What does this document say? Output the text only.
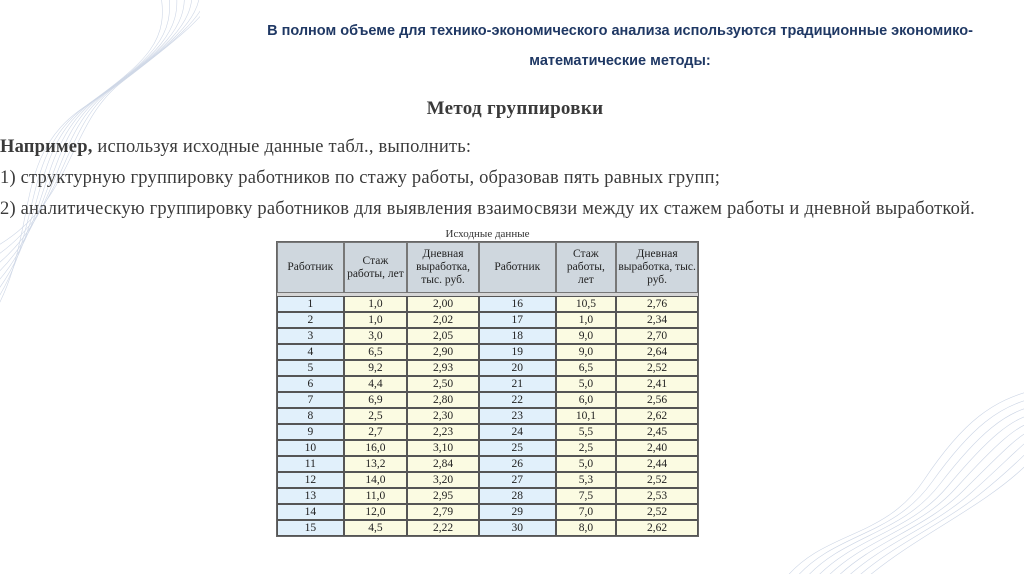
В полном объеме для технико-экономического анализа используются традиционные экономико-
математические методы:
Метод группировки

Например, используя исходные данные табл., выполнить:

1) структурную группировку работников по стажу работы, образовав пять равных групп;

2) аналитическую группировку работников для выявления взаимосвязи между их стажем работы и дневной выработкой.

Исходные данные
Работник	Стаж работы, лет	Дневная выработка, тыс. руб.	Работник	Стаж работы, лет	Дневная выработка, тыс. руб.

1	1,0	2,00	16	10,5	2,76
2	1,0	2,02	17	1,0	2,34
3	3,0	2,05	18	9,0	2,70
4	6,5	2,90	19	9,0	2,64
5	9,2	2,93	20	6,5	2,52
6	4,4	2,50	21	5,0	2,41
7	6,9	2,80	22	6,0	2,56
8	2,5	2,30	23	10,1	2,62
9	2,7	2,23	24	5,5	2,45
10	16,0	3,10	25	2,5	2,40
11	13,2	2,84	26	5,0	2,44
12	14,0	3,20	27	5,3	2,52
13	11,0	2,95	28	7,5	2,53
14	12,0	2,79	29	7,0	2,52
15	4,5	2,22	30	8,0	2,62
